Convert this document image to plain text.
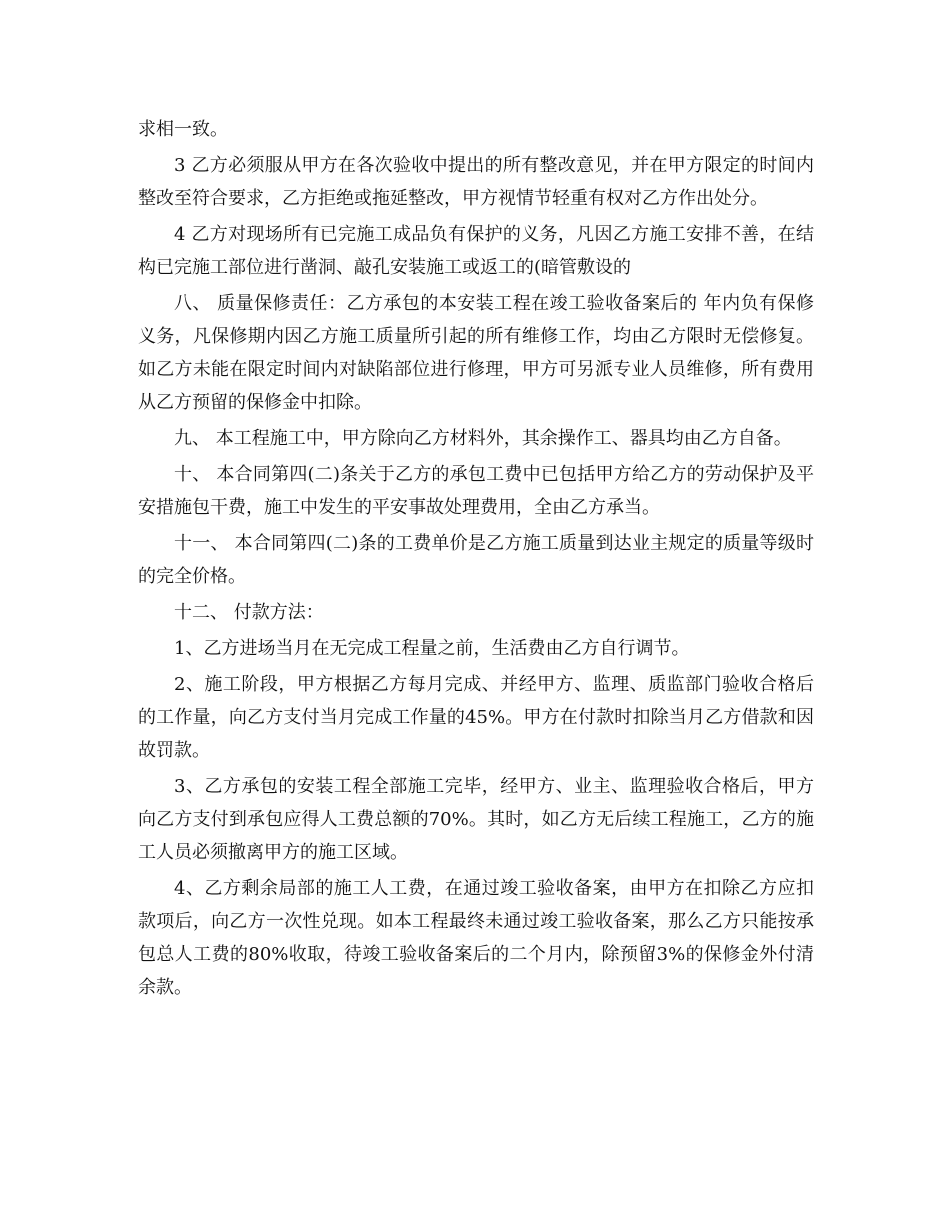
求相一致。

3 乙方必须服从甲方在各次验收中提出的所有整改意见，并在甲方限定的时间内整改至符合要求，乙方拒绝或拖延整改，甲方视情节轻重有权对乙方作出处分。

4 乙方对现场所有已完施工成品负有保护的义务，凡因乙方施工安排不善，在结构已完施工部位进行凿洞、敲孔安装施工或返工的(暗管敷设的

八、 质量保修责任：乙方承包的本安装工程在竣工验收备案后的 年内负有保修义务，凡保修期内因乙方施工质量所引起的所有维修工作，均由乙方限时无偿修复。如乙方未能在限定时间内对缺陷部位进行修理，甲方可另派专业人员维修，所有费用从乙方预留的保修金中扣除。

九、 本工程施工中，甲方除向乙方材料外，其余操作工、器具均由乙方自备。

十、 本合同第四(二)条关于乙方的承包工费中已包括甲方给乙方的劳动保护及平安措施包干费，施工中发生的平安事故处理费用，全由乙方承当。

十一、 本合同第四(二)条的工费单价是乙方施工质量到达业主规定的质量等级时的完全价格。

十二、 付款方法：

1、乙方进场当月在无完成工程量之前，生活费由乙方自行调节。

2、施工阶段，甲方根据乙方每月完成、并经甲方、监理、质监部门验收合格后的工作量，向乙方支付当月完成工作量的45%。甲方在付款时扣除当月乙方借款和因故罚款。

3、乙方承包的安装工程全部施工完毕，经甲方、业主、监理验收合格后，甲方向乙方支付到承包应得人工费总额的70%。其时，如乙方无后续工程施工，乙方的施工人员必须撤离甲方的施工区域。

4、乙方剩余局部的施工人工费，在通过竣工验收备案，由甲方在扣除乙方应扣款项后，向乙方一次性兑现。如本工程最终未通过竣工验收备案，那么乙方只能按承包总人工费的80%收取，待竣工验收备案后的二个月内，除预留3%的保修金外付清余款。
